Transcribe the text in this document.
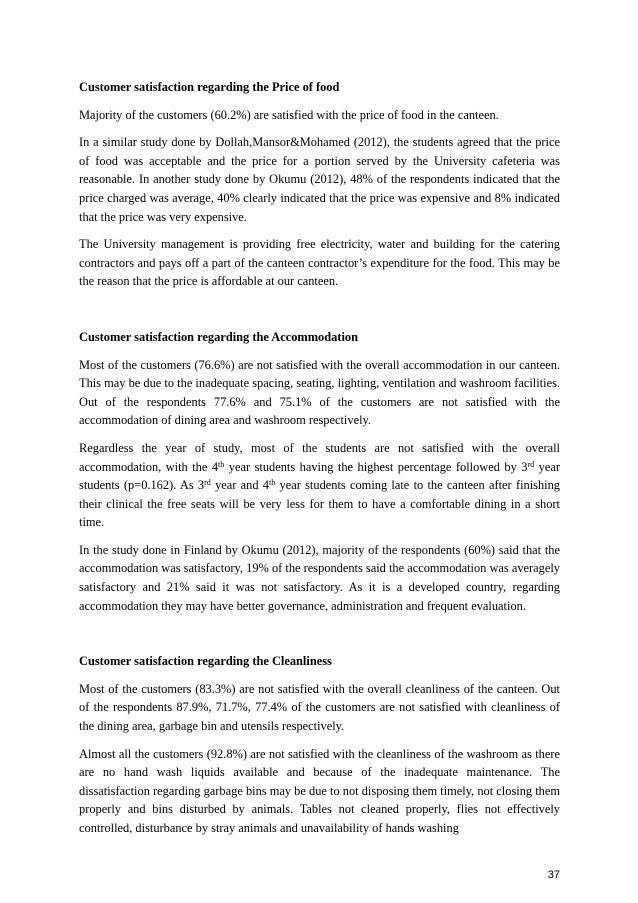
Customer satisfaction regarding the Price of food

Majority of the customers (60.2%) are satisfied with the price of food in the canteen.

In a similar study done by Dollah,Mansor&Mohamed (2012), the students agreed that the price of food was acceptable and the price for a portion served by the University cafeteria was reasonable. In another study done by Okumu (2012), 48% of the respondents indicated that the price charged was average, 40% clearly indicated that the price was expensive and 8% indicated that the price was very expensive.

The University management is providing free electricity, water and building for the catering contractors and pays off a part of the canteen contractor’s expenditure for the food. This may be the reason that the price is affordable at our canteen.

Customer satisfaction regarding the Accommodation

Most of the customers (76.6%) are not satisfied with the overall accommodation in our canteen. This may be due to the inadequate spacing, seating, lighting, ventilation and washroom facilities. Out of the respondents 77.6% and 75.1% of the customers are not satisfied with the accommodation of dining area and washroom respectively.

Regardless the year of study, most of the students are not satisfied with the overall accommodation, with the 4th year students having the highest percentage followed by 3rd year students (p=0.162). As 3rd year and 4th year students coming late to the canteen after finishing their clinical the free seats will be very less for them to have a comfortable dining in a short time.

In the study done in Finland by Okumu (2012), majority of the respondents (60%) said that the accommodation was satisfactory, 19% of the respondents said the accommodation was averagely satisfactory and 21% said it was not satisfactory. As it is a developed country, regarding accommodation they may have better governance, administration and frequent evaluation.

Customer satisfaction regarding the Cleanliness

Most of the customers (83.3%) are not satisfied with the overall cleanliness of the canteen. Out of the respondents 87.9%, 71.7%, 77.4% of the customers are not satisfied with cleanliness of the dining area, garbage bin and utensils respectively.

Almost all the customers (92.8%) are not satisfied with the cleanliness of the washroom as there are no hand wash liquids available and because of the inadequate maintenance. The dissatisfaction regarding garbage bins may be due to not disposing them timely, not closing them properly and bins disturbed by animals. Tables not cleaned properly, flies not effectively controlled, disturbance by stray animals and unavailability of hands washing

37
